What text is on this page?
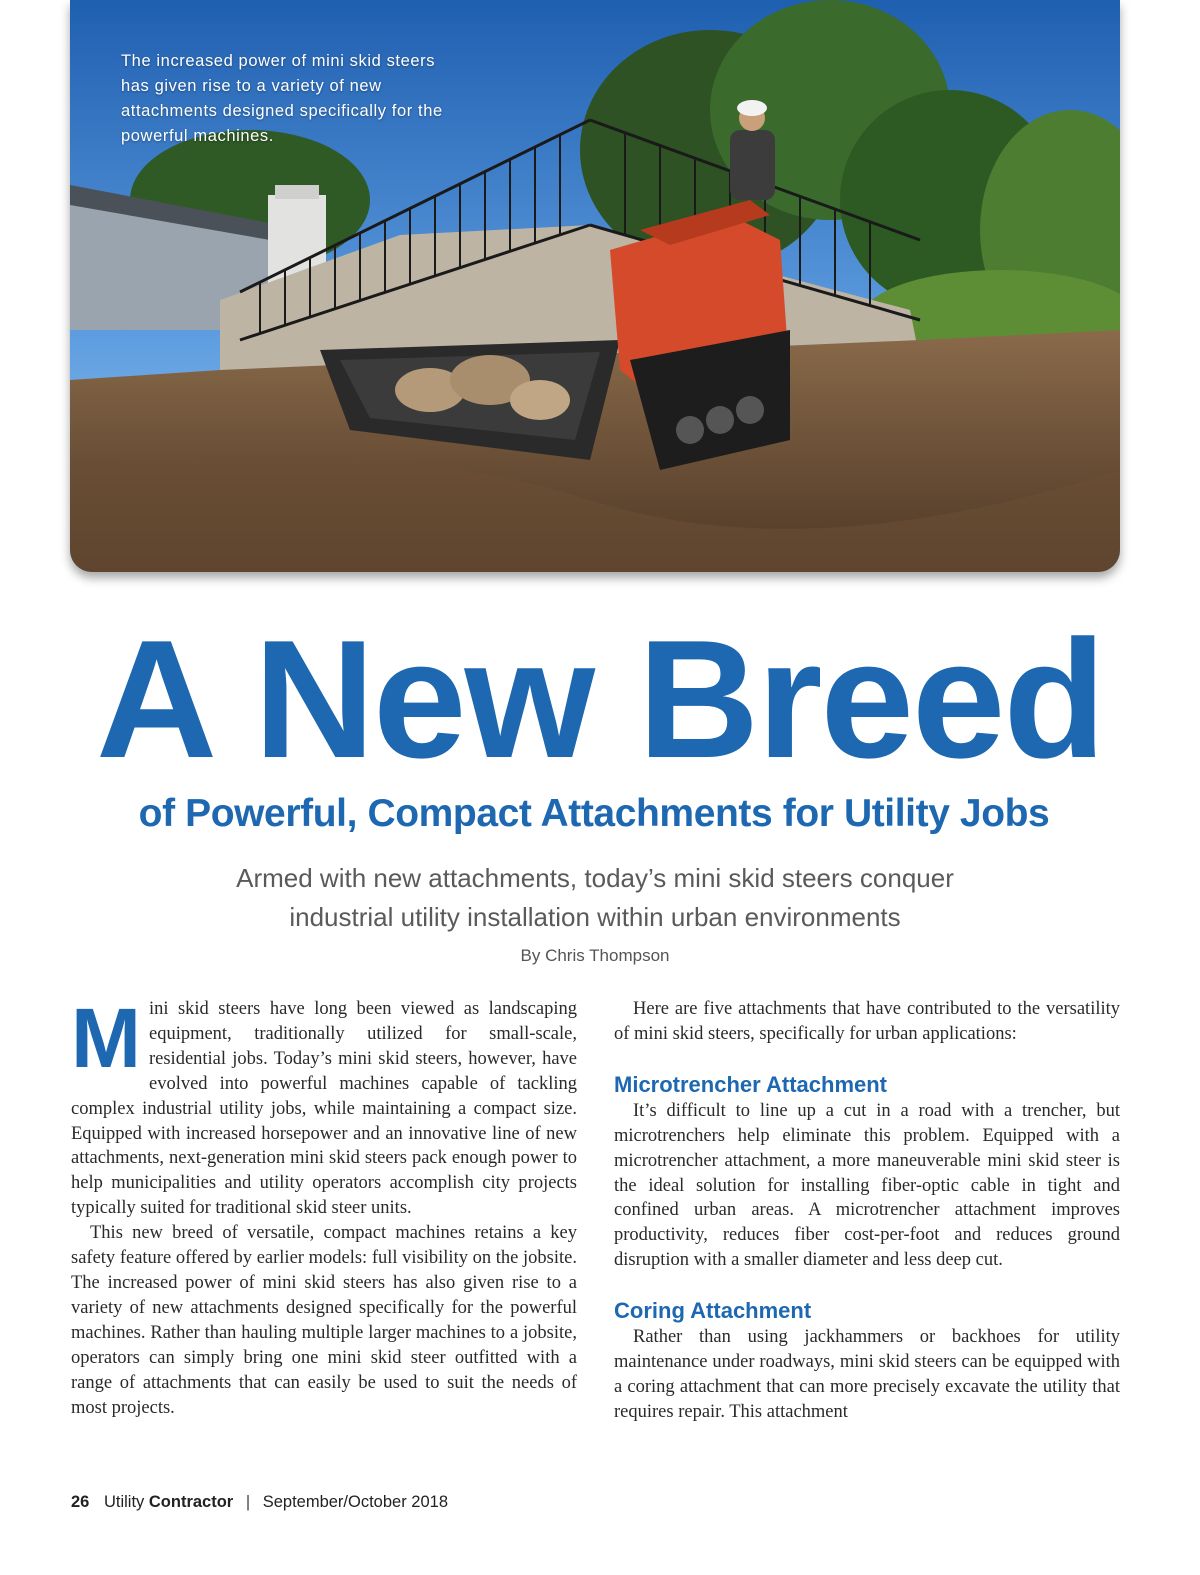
The increased power of mini skid steers has given rise to a variety of new attachments designed specifically for the powerful machines.
A New Breed
of Powerful, Compact Attachments for Utility Jobs
Armed with new attachments, today’s mini skid steers conquer
industrial utility installation within urban environments
By Chris Thompson

Mini skid steers have long been viewed as landscaping equipment, traditionally utilized for small-scale, residential jobs. Today’s mini skid steers, however, have evolved into powerful machines capable of tackling complex industrial utility jobs, while maintaining a compact size. Equipped with increased horsepower and an innovative line of new attachments, next-generation mini skid steers pack enough power to help municipalities and utility operators accomplish city projects typically suited for traditional skid steer units.

This new breed of versatile, compact machines retains a key safety feature offered by earlier models: full visibility on the jobsite. The increased power of mini skid steers has also given rise to a variety of new attachments designed specifically for the powerful machines. Rather than hauling multiple larger machines to a jobsite, operators can simply bring one mini skid steer outfitted with a range of attachments that can easily be used to suit the needs of most projects.

Here are five attachments that have contributed to the versatility of mini skid steers, specifically for urban applications:

Microtrencher Attachment

It’s difficult to line up a cut in a road with a trencher, but microtrenchers help eliminate this problem. Equipped with a microtrencher attachment, a more maneuverable mini skid steer is the ideal solution for installing fiber-optic cable in tight and confined urban areas. A microtrencher attachment improves productivity, reduces fiber cost-per-foot and reduces ground disruption with a smaller diameter and less deep cut.

Coring Attachment

Rather than using jackhammers or backhoes for utility maintenance under roadways, mini skid steers can be equipped with a coring attachment that can more precisely excavate the utility that requires repair. This attachment

26 Utility Contractor | September/October 2018
